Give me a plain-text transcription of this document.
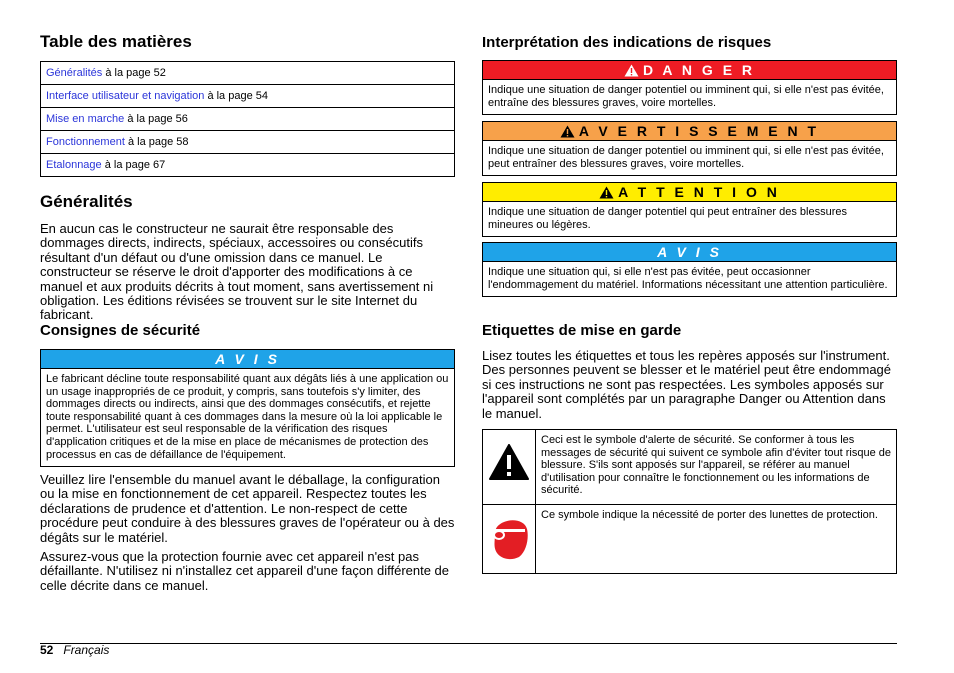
Table des matières
Généralités à la page 52
Interface utilisateur et navigation à la page 54
Mise en marche à la page 56
Fonctionnement à la page 58
Etalonnage à la page 67
Généralités

En aucun cas le constructeur ne saurait être responsable des dommages directs, indirects, spéciaux, accessoires ou consécutifs résultant d'un défaut ou d'une omission dans ce manuel. Le constructeur se réserve le droit d'apporter des modifications à ce manuel et aux produits décrits à tout moment, sans avertissement ni obligation. Les éditions révisées se trouvent sur le site Internet du fabricant.

Consignes de sécurité
A V I S

Le fabricant décline toute responsabilité quant aux dégâts liés à une application ou un usage inappropriés de ce produit, y compris, sans toutefois s'y limiter, des dommages directs ou indirects, ainsi que des dommages consécutifs, et rejette toute responsabilité quant à ces dommages dans la mesure où la loi applicable le permet. L'utilisateur est seul responsable de la vérification des risques d'application critiques et de la mise en place de mécanismes de protection des processus en cas de défaillance de l'équipement.

Veuillez lire l'ensemble du manuel avant le déballage, la configuration ou la mise en fonctionnement de cet appareil. Respectez toutes les déclarations de prudence et d'attention. Le non-respect de cette procédure peut conduire à des blessures graves de l'opérateur ou à des dégâts sur le matériel.

Assurez-vous que la protection fournie avec cet appareil n'est pas défaillante. N'utilisez ni n'installez cet appareil d'une façon différente de celle décrite dans ce manuel.

Interprétation des indications de risques
D A N G E R

Indique une situation de danger potentiel ou imminent qui, si elle n'est pas évitée, entraîne des blessures graves, voire mortelles.

A V E R T I S S E M E N T

Indique une situation de danger potentiel ou imminent qui, si elle n'est pas évitée, peut entraîner des blessures graves, voire mortelles.

A T T E N T I O N

Indique une situation de danger potentiel qui peut entraîner des blessures mineures ou légères.

A V I S

Indique une situation qui, si elle n'est pas évitée, peut occasionner l'endommagement du matériel. Informations nécessitant une attention particulière.

Etiquettes de mise en garde

Lisez toutes les étiquettes et tous les repères apposés sur l'instrument. Des personnes peuvent se blesser et le matériel peut être endommagé si ces instructions ne sont pas respectées. Les symboles apposés sur l'appareil sont complétés par un paragraphe Danger ou Attention dans le manuel.

	Ceci est le symbole d'alerte de sécurité. Se conformer à tous les messages de sécurité qui suivent ce symbole afin d'éviter tout risque de blessure. S'ils sont apposés sur l'appareil, se référer au manuel d'utilisation pour connaître le fonctionnement ou les informations de sécurité.
	Ce symbole indique la nécessité de porter des lunettes de protection.
52 Français
